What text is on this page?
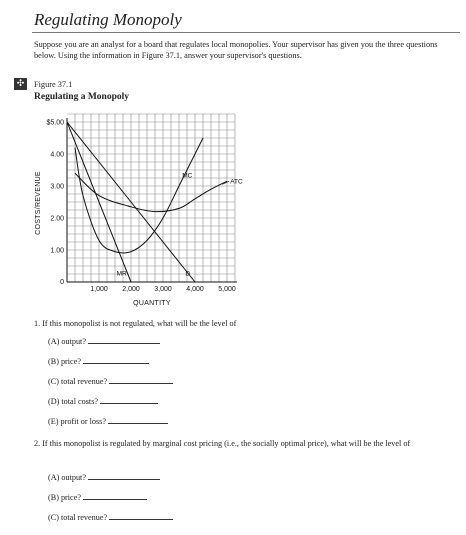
Regulating Monopoly

Suppose you are an analyst for a board that regulates local monopolies. Your supervisor has given you the three questions below. Using the information in Figure 37.1, answer your supervisor's questions.

✣	Figure 37.1
Regulating a Monopoly
D
MR
MC
ATC
$5.00
4.00
3.00
2.00
1.00
0
1,000 2,000 3,000 4,000 5,000
COSTS/REVENUE
QUANTITY
1. If this monopolist is not regulated, what will be the level of
(A) output?
(B) price?
(C) total revenue?
(D) total costs?
(E) profit or loss?
2. If this monopolist is regulated by marginal cost pricing (i.e., the socially optimal price), what will be the level of
(A) output?
(B) price?
(C) total revenue?
